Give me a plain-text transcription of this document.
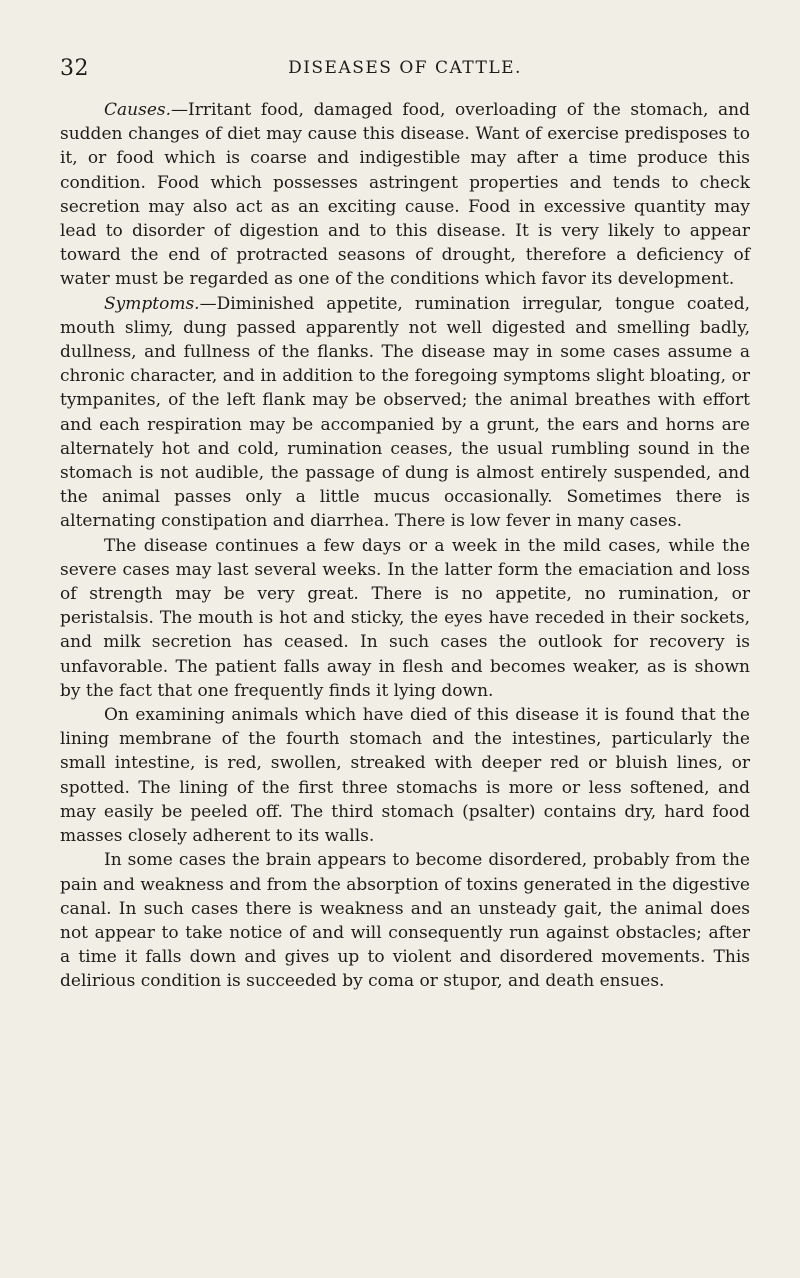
32	DISEASES OF CATTLE.

Causes.—Irritant food, damaged food, overloading of the stomach, and sudden changes of diet may cause this disease. Want of exercise predisposes to it, or food which is coarse and indigestible may after a time produce this condition. Food which possesses astringent properties and tends to check secretion may also act as an exciting cause. Food in excessive quantity may lead to disorder of digestion and to this disease. It is very likely to appear toward the end of protracted seasons of drought, therefore a deficiency of water must be regarded as one of the conditions which favor its development.

Symptoms.—Diminished appetite, rumination irregular, tongue coated, mouth slimy, dung passed apparently not well digested and smelling badly, dullness, and fullness of the flanks. The disease may in some cases assume a chronic character, and in addition to the foregoing symptoms slight bloating, or tympanites, of the left flank may be observed; the animal breathes with effort and each respiration may be accompanied by a grunt, the ears and horns are alternately hot and cold, rumination ceases, the usual rumbling sound in the stomach is not audible, the passage of dung is almost entirely suspended, and the animal passes only a little mucus occasionally. Sometimes there is alternating constipation and diarrhea. There is low fever in many cases.

The disease continues a few days or a week in the mild cases, while the severe cases may last several weeks. In the latter form the emaciation and loss of strength may be very great. There is no appetite, no rumination, or peristalsis. The mouth is hot and sticky, the eyes have receded in their sockets, and milk secretion has ceased. In such cases the outlook for recovery is unfavorable. The patient falls away in flesh and becomes weaker, as is shown by the fact that one frequently finds it lying down.

On examining animals which have died of this disease it is found that the lining membrane of the fourth stomach and the intestines, particularly the small intestine, is red, swollen, streaked with deeper red or bluish lines, or spotted. The lining of the first three stomachs is more or less softened, and may easily be peeled off. The third stomach (psalter) contains dry, hard food masses closely adherent to its walls.

In some cases the brain appears to become disordered, probably from the pain and weakness and from the absorption of toxins generated in the digestive canal. In such cases there is weakness and an unsteady gait, the animal does not appear to take notice of and will consequently run against obstacles; after a time it falls down and gives up to violent and disordered movements. This delirious condition is succeeded by coma or stupor, and death ensues.
